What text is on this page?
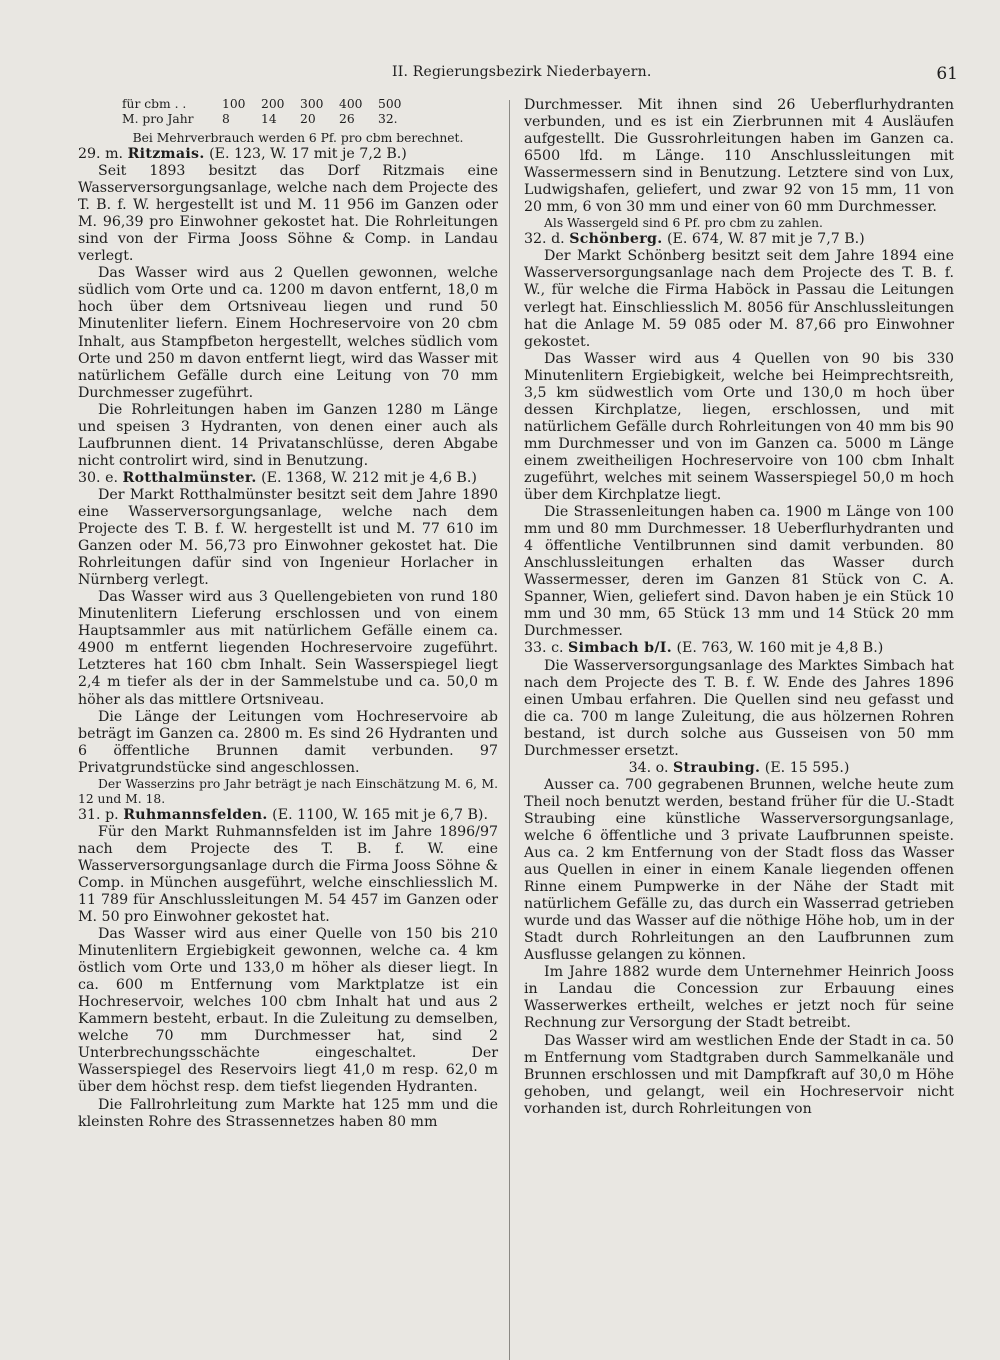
II. Regierungsbezirk Niederbayern.	61
für cbm . .	100	200	300	400	500
M. pro Jahr	8	14	20	26	32.

Bei Mehrverbrauch werden 6 Pf. pro cbm berechnet.

29. m. Ritzmais. (E. 123, W. 17 mit je 7,2 B.)

Seit 1893 besitzt das Dorf Ritzmais eine Wasserversorgungsanlage, welche nach dem Projecte des T. B. f. W. hergestellt ist und M. 11 956 im Ganzen oder M. 96,39 pro Einwohner gekostet hat. Die Rohrleitungen sind von der Firma Jooss Söhne & Comp. in Landau verlegt.

Das Wasser wird aus 2 Quellen gewonnen, welche südlich vom Orte und ca. 1200 m davon entfernt, 18,0 m hoch über dem Ortsniveau liegen und rund 50 Minutenliter liefern. Einem Hochreservoire von 20 cbm Inhalt, aus Stampfbeton hergestellt, welches südlich vom Orte und 250 m davon entfernt liegt, wird das Wasser mit natürlichem Gefälle durch eine Leitung von 70 mm Durchmesser zugeführt.

Die Rohrleitungen haben im Ganzen 1280 m Länge und speisen 3 Hydranten, von denen einer auch als Laufbrunnen dient. 14 Privatanschlüsse, deren Abgabe nicht controlirt wird, sind in Benutzung.

30. e. Rotthalmünster. (E. 1368, W. 212 mit je 4,6 B.)

Der Markt Rotthalmünster besitzt seit dem Jahre 1890 eine Wasserversorgungsanlage, welche nach dem Projecte des T. B. f. W. hergestellt ist und M. 77 610 im Ganzen oder M. 56,73 pro Einwohner gekostet hat. Die Rohrleitungen dafür sind von Ingenieur Horlacher in Nürnberg verlegt.

Das Wasser wird aus 3 Quellengebieten von rund 180 Minutenlitern Lieferung erschlossen und von einem Hauptsammler aus mit natürlichem Gefälle einem ca. 4900 m entfernt liegenden Hochreservoire zugeführt. Letzteres hat 160 cbm Inhalt. Sein Wasserspiegel liegt 2,4 m tiefer als der in der Sammelstube und ca. 50,0 m höher als das mittlere Ortsniveau.

Die Länge der Leitungen vom Hochreservoire ab beträgt im Ganzen ca. 2800 m. Es sind 26 Hydranten und 6 öffentliche Brunnen damit verbunden. 97 Privatgrundstücke sind angeschlossen.

Der Wasserzins pro Jahr beträgt je nach Einschätzung M. 6, M. 12 und M. 18.

31. p. Ruhmannsfelden. (E. 1100, W. 165 mit je 6,7 B).

Für den Markt Ruhmannsfelden ist im Jahre 1896/97 nach dem Projecte des T. B. f. W. eine Wasserversorgungsanlage durch die Firma Jooss Söhne & Comp. in München ausgeführt, welche einschliesslich M. 11 789 für Anschlussleitungen M. 54 457 im Ganzen oder M. 50 pro Einwohner gekostet hat.

Das Wasser wird aus einer Quelle von 150 bis 210 Minutenlitern Ergiebigkeit gewonnen, welche ca. 4 km östlich vom Orte und 133,0 m höher als dieser liegt. In ca. 600 m Entfernung vom Marktplatze ist ein Hochreservoir, welches 100 cbm Inhalt hat und aus 2 Kammern besteht, erbaut. In die Zuleitung zu demselben, welche 70 mm Durchmesser hat, sind 2 Unterbrechungsschächte eingeschaltet. Der Wasserspiegel des Reservoirs liegt 41,0 m resp. 62,0 m über dem höchst resp. dem tiefst liegenden Hydranten.

Die Fallrohrleitung zum Markte hat 125 mm und die kleinsten Rohre des Strassennetzes haben 80 mm

Durchmesser. Mit ihnen sind 26 Ueberflurhydranten verbunden, und es ist ein Zierbrunnen mit 4 Ausläufen aufgestellt. Die Gussrohrleitungen haben im Ganzen ca. 6500 lfd. m Länge. 110 Anschlussleitungen mit Wassermessern sind in Benutzung. Letztere sind von Lux, Ludwigshafen, geliefert, und zwar 92 von 15 mm, 11 von 20 mm, 6 von 30 mm und einer von 60 mm Durchmesser.

Als Wassergeld sind 6 Pf. pro cbm zu zahlen.

32. d. Schönberg. (E. 674, W. 87 mit je 7,7 B.)

Der Markt Schönberg besitzt seit dem Jahre 1894 eine Wasserversorgungsanlage nach dem Projecte des T. B. f. W., für welche die Firma Haböck in Passau die Leitungen verlegt hat. Einschliesslich M. 8056 für Anschlussleitungen hat die Anlage M. 59 085 oder M. 87,66 pro Einwohner gekostet.

Das Wasser wird aus 4 Quellen von 90 bis 330 Minutenlitern Ergiebigkeit, welche bei Heimprechtsreith, 3,5 km südwestlich vom Orte und 130,0 m hoch über dessen Kirchplatze, liegen, erschlossen, und mit natürlichem Gefälle durch Rohrleitungen von 40 mm bis 90 mm Durchmesser und von im Ganzen ca. 5000 m Länge einem zweitheiligen Hochreservoire von 100 cbm Inhalt zugeführt, welches mit seinem Wasserspiegel 50,0 m hoch über dem Kirchplatze liegt.

Die Strassenleitungen haben ca. 1900 m Länge von 100 mm und 80 mm Durchmesser. 18 Ueberflurhydranten und 4 öffentliche Ventilbrunnen sind damit verbunden. 80 Anschlussleitungen erhalten das Wasser durch Wassermesser, deren im Ganzen 81 Stück von C. A. Spanner, Wien, geliefert sind. Davon haben je ein Stück 10 mm und 30 mm, 65 Stück 13 mm und 14 Stück 20 mm Durchmesser.

33. c. Simbach b/I. (E. 763, W. 160 mit je 4,8 B.)

Die Wasserversorgungsanlage des Marktes Simbach hat nach dem Projecte des T. B. f. W. Ende des Jahres 1896 einen Umbau erfahren. Die Quellen sind neu gefasst und die ca. 700 m lange Zuleitung, die aus hölzernen Rohren bestand, ist durch solche aus Gusseisen von 50 mm Durchmesser ersetzt.

34. o. Straubing. (E. 15 595.)

Ausser ca. 700 gegrabenen Brunnen, welche heute zum Theil noch benutzt werden, bestand früher für die U.-Stadt Straubing eine künstliche Wasserversorgungsanlage, welche 6 öffentliche und 3 private Laufbrunnen speiste. Aus ca. 2 km Entfernung von der Stadt floss das Wasser aus Quellen in einer in einem Kanale liegenden offenen Rinne einem Pumpwerke in der Nähe der Stadt mit natürlichem Gefälle zu, das durch ein Wasserrad getrieben wurde und das Wasser auf die nöthige Höhe hob, um in der Stadt durch Rohrleitungen an den Laufbrunnen zum Ausflusse gelangen zu können.

Im Jahre 1882 wurde dem Unternehmer Heinrich Jooss in Landau die Concession zur Erbauung eines Wasserwerkes ertheilt, welches er jetzt noch für seine Rechnung zur Versorgung der Stadt betreibt.

Das Wasser wird am westlichen Ende der Stadt in ca. 50 m Entfernung vom Stadtgraben durch Sammelkanäle und Brunnen erschlossen und mit Dampfkraft auf 30,0 m Höhe gehoben, und gelangt, weil ein Hochreservoir nicht vorhanden ist, durch Rohrleitungen von
